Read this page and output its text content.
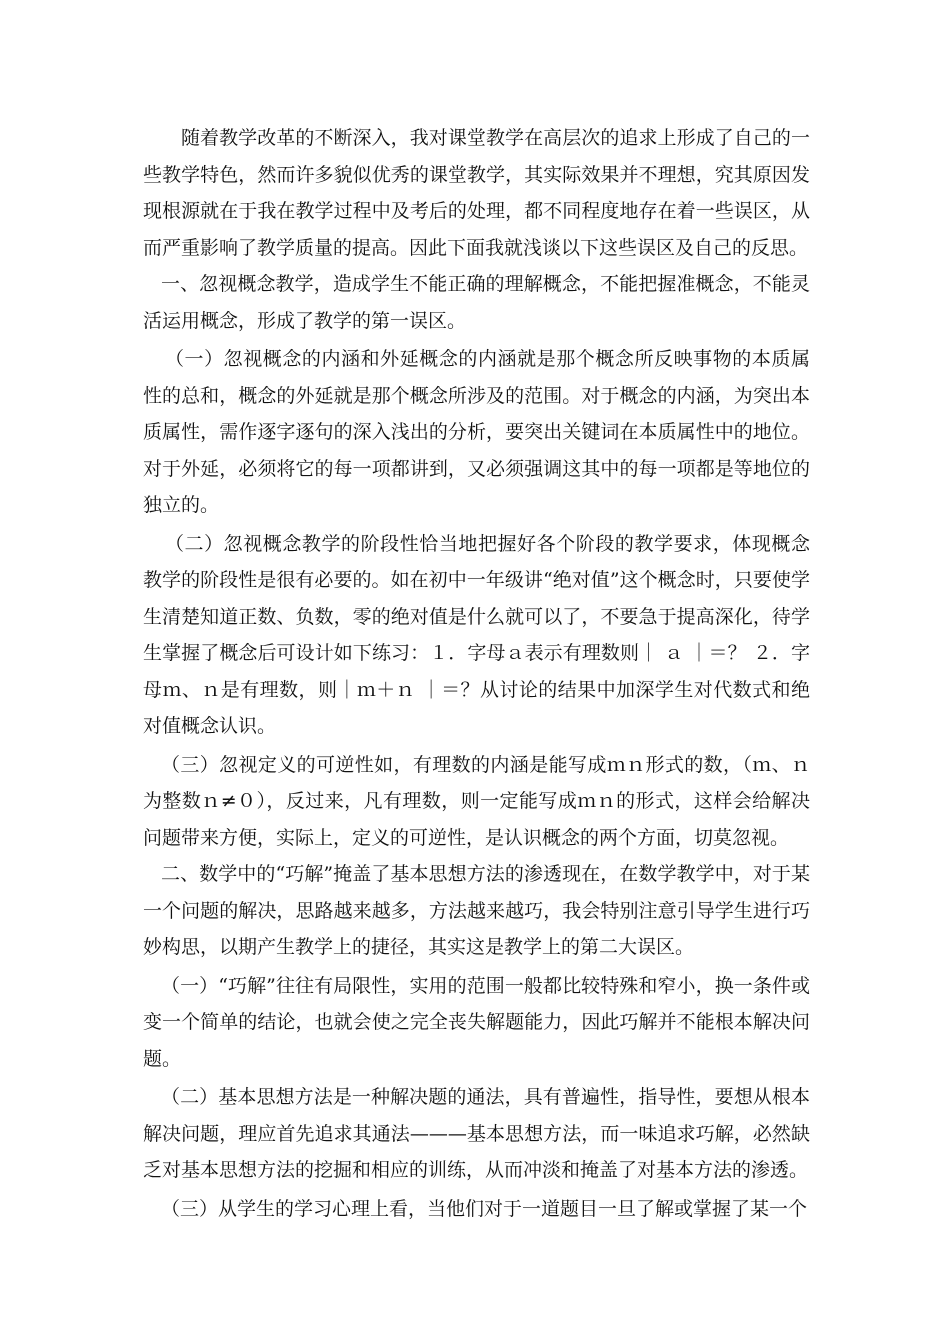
随着教学改革的不断深入，我对课堂教学在高层次的追求上形成了自己的一些教学特色，然而许多貌似优秀的课堂教学，其实际效果并不理想，究其原因发现根源就在于我在教学过程中及考后的处理，都不同程度地存在着一些误区，从而严重影响了教学质量的提高。因此下面我就浅谈以下这些误区及自己的反思。

一、忽视概念教学，造成学生不能正确的理解概念，不能把握准概念，不能灵活运用概念，形成了教学的第一误区。

（一）忽视概念的内涵和外延概念的内涵就是那个概念所反映事物的本质属性的总和，概念的外延就是那个概念所涉及的范围。对于概念的内涵，为突出本质属性，需作逐字逐句的深入浅出的分析，要突出关键词在本质属性中的地位。对于外延，必须将它的每一项都讲到，又必须强调这其中的每一项都是等地位的独立的。

（二）忽视概念教学的阶段性恰当地把握好各个阶段的教学要求，体现概念教学的阶段性是很有必要的。如在初中一年级讲“绝对值”这个概念时，只要使学生清楚知道正数、负数，零的绝对值是什么就可以了，不要急于提高深化，待学生掌握了概念后可设计如下练习：１．字母ａ表示有理数则｜ ａ ｜＝？ ２．字母ｍ、ｎ是有理数，则｜ｍ＋ｎ ｜＝？从讨论的结果中加深学生对代数式和绝对值概念认识。

（三）忽视定义的可逆性如，有理数的内涵是能写成ｍｎ形式的数，（ｍ、ｎ为整数ｎ≠０），反过来，凡有理数，则一定能写成ｍｎ的形式，这样会给解决问题带来方便，实际上，定义的可逆性，是认识概念的两个方面，切莫忽视。

二、数学中的“巧解”掩盖了基本思想方法的渗透现在，在数学教学中，对于某一个问题的解决，思路越来越多，方法越来越巧，我会特别注意引导学生进行巧妙构思，以期产生教学上的捷径，其实这是教学上的第二大误区。

（一）“巧解”往往有局限性，实用的范围一般都比较特殊和窄小，换一条件或变一个简单的结论，也就会使之完全丧失解题能力，因此巧解并不能根本解决问题。

（二）基本思想方法是一种解决题的通法，具有普遍性，指导性，要想从根本解决问题，理应首先追求其通法———基本思想方法，而一味追求巧解，必然缺乏对基本思想方法的挖掘和相应的训练，从而冲淡和掩盖了对基本方法的渗透。

（三）从学生的学习心理上看，当他们对于一道题目一旦了解或掌握了某一个
